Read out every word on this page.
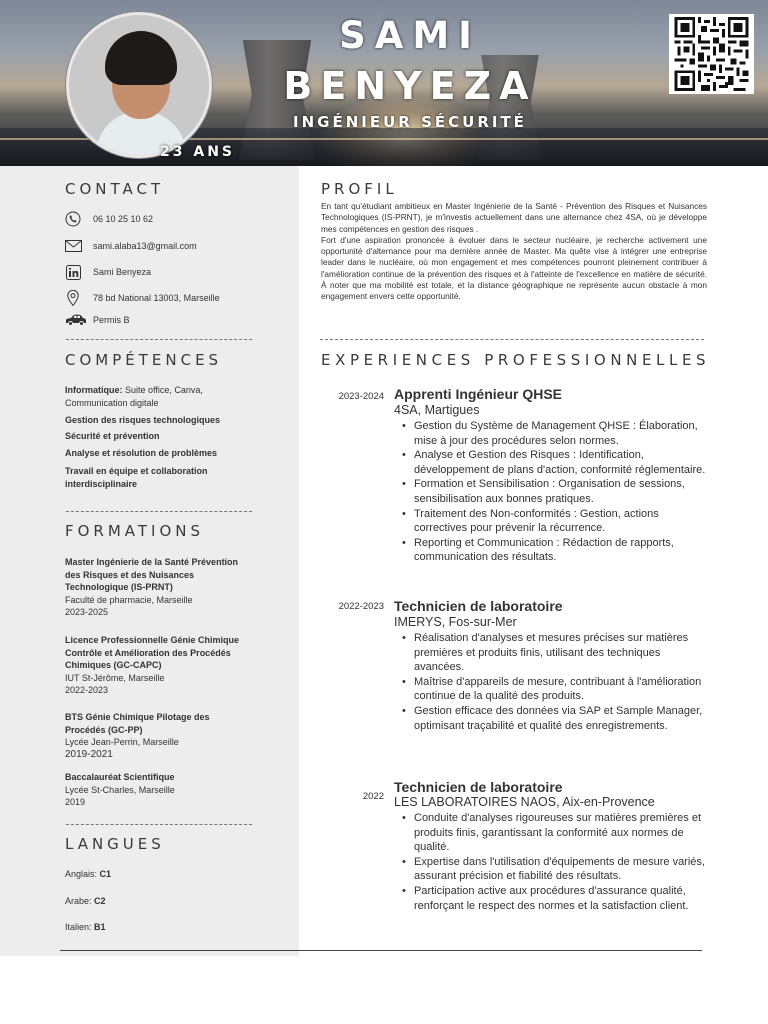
SAMI
BENYEZA
INGÉNIEUR SÉCURITÉ
23 ANS
CONTACT
06 10 25 10 62
sami.alaba13@gmail.com
Sami Benyeza
78 bd National 13003, Marseille
Permis B
COMPÉTENCES
Informatique: Suite office, Canva, Communication digitale
Gestion des risques technologiques
Sécurité et prévention
Analyse et résolution de problèmes
Travail en équipe et collaboration interdisciplinaire
FORMATIONS
Master Ingénierie de la Santé Prévention des Risques et des Nuisances Technologique (IS-PRNT)
Faculté de pharmacie, Marseille
2023-2025
Licence Professionnelle Génie Chimique Contrôle et Amélioration des Procédés Chimiques (GC-CAPC)
IUT St-Jérôme, Marseille
2022-2023
BTS Génie Chimique Pilotage des Procédés (GC-PP)
Lycée Jean-Perrin, Marseille
2019-2021
Baccalauréat Scientifique
Lycée St-Charles, Marseille
2019
LANGUES
Anglais: C1
Arabe: C2
Italien: B1
PROFIL

En tant qu'étudiant ambitieux en Master Ingénierie de la Santé - Prévention des Risques et Nuisances Technologiques (IS-PRNT), je m'investis actuellement dans une alternance chez 4SA, où je développe mes compétences en gestion des risques .

Fort d'une aspiration prononcée à évoluer dans le secteur nucléaire, je recherche activement une opportunité d'alternance pour ma dernière année de Master. Ma quête vise à intégrer une entreprise leader dans le nucléaire, où mon engagement et mes compétences pourront pleinement contribuer à l'amélioration continue de la prévention des risques et à l'atteinte de l'excellence en matière de sécurité. À noter que ma mobilité est totale, et la distance géographique ne représente aucun obstacle à mon engagement envers cette opportunité.

EXPERIENCES PROFESSIONNELLES
2023-2024 Apprenti Ingénieur QHSE
4SA, Martigues
• Gestion du Système de Management QHSE : Élaboration, mise à jour des procédures selon normes.
• Analyse et Gestion des Risques : Identification, développement de plans d'action, conformité réglementaire.
• Formation et Sensibilisation : Organisation de sessions, sensibilisation aux bonnes pratiques.
• Traitement des Non-conformités : Gestion, actions correctives pour prévenir la récurrence.
• Reporting et Communication : Rédaction de rapports, communication des résultats.
2022-2023 Technicien de laboratoire
IMERYS, Fos-sur-Mer
• Réalisation d'analyses et mesures précises sur matières premières et produits finis, utilisant des techniques avancées.
• Maîtrise d'appareils de mesure, contribuant à l'amélioration continue de la qualité des produits.
• Gestion efficace des données via SAP et Sample Manager, optimisant traçabilité et qualité des enregistrements.
2022
Technicien de laboratoire
LES LABORATOIRES NAOS, Aix-en-Provence
• Conduite d'analyses rigoureuses sur matières premières et produits finis, garantissant la conformité aux normes de qualité.
• Expertise dans l'utilisation d'équipements de mesure variés, assurant précision et fiabilité des résultats.
• Participation active aux procédures d'assurance qualité, renforçant le respect des normes et la satisfaction client.
